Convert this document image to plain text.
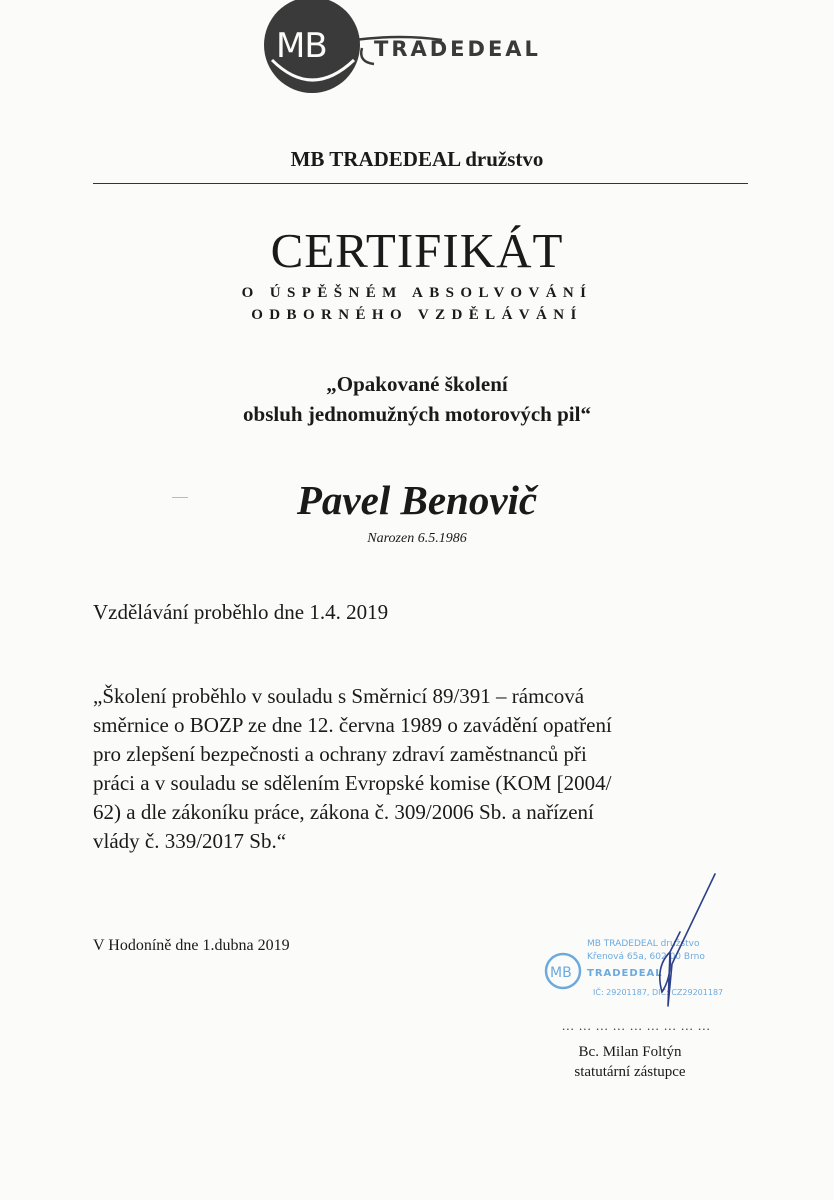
MB TRADEDEAL
MB TRADEDEAL družstvo
CERTIFIKÁT
O ÚSPĚŠNÉM ABSOLVOVÁNÍ
ODBORNÉHO VZDĚLÁVÁNÍ
„Opakované školení
obsluh jednomužných motorových pil“
Pavel Benovič
Narozen 6.5.1986
Vzdělávání proběhlo dne 1.4. 2019
„Školení proběhlo v souladu s Směrnicí 89/391 – rámcová
směrnice o BOZP ze dne 12. června 1989 o zavádění opatření
pro zlepšení bezpečnosti a ochrany zdraví zaměstnanců při
práci a v souladu se sdělením Evropské komise (KOM [2004/
62) a dle zákoníku práce, zákona č. 309/2006 Sb. a nařízení
vlády č. 339/2017 Sb.“
V Hodoníně dne 1.dubna 2019
MB
MB TRADEDEAL družstvo
Křenová 65a, 602 00 Brno
TRADEDEAL
IČ: 29201187, DIČ: CZ29201187
... ... ... ... ... ... ... ... ...
Bc. Milan Foltýn
statutární zástupce
